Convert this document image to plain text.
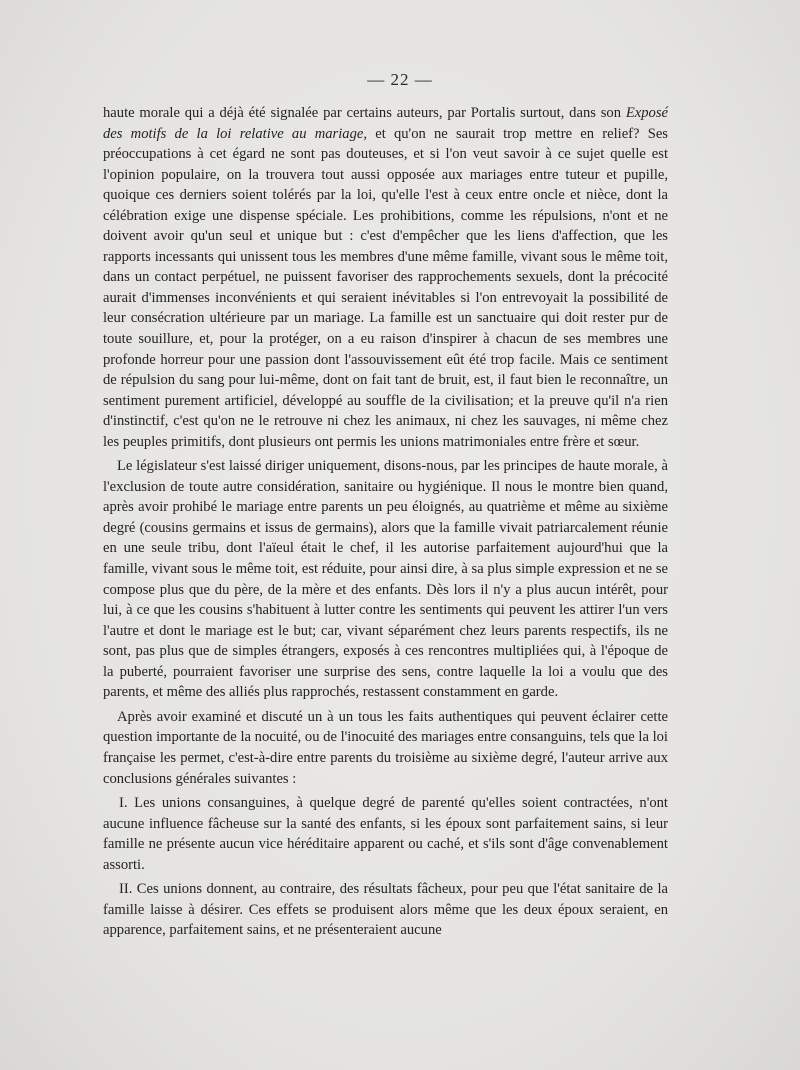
— 22 —

haute morale qui a déjà été signalée par certains auteurs, par Portalis surtout, dans son Exposé des motifs de la loi relative au mariage, et qu'on ne saurait trop mettre en relief? Ses préoccupations à cet égard ne sont pas douteuses, et si l'on veut savoir à ce sujet quelle est l'opinion populaire, on la trouvera tout aussi opposée aux mariages entre tuteur et pupille, quoique ces derniers soient tolérés par la loi, qu'elle l'est à ceux entre oncle et nièce, dont la célébration exige une dispense spéciale. Les prohibitions, comme les répulsions, n'ont et ne doivent avoir qu'un seul et unique but : c'est d'empêcher que les liens d'affection, que les rapports incessants qui unissent tous les membres d'une même famille, vivant sous le même toit, dans un contact perpétuel, ne puissent favoriser des rapprochements sexuels, dont la précocité aurait d'immenses inconvénients et qui seraient inévitables si l'on entrevoyait la possibilité de leur consécration ultérieure par un mariage. La famille est un sanctuaire qui doit rester pur de toute souillure, et, pour la protéger, on a eu raison d'inspirer à chacun de ses membres une profonde horreur pour une passion dont l'assouvissement eût été trop facile. Mais ce sentiment de répulsion du sang pour lui-même, dont on fait tant de bruit, est, il faut bien le reconnaître, un sentiment purement artificiel, développé au souffle de la civilisation; et la preuve qu'il n'a rien d'instinctif, c'est qu'on ne le retrouve ni chez les animaux, ni chez les sauvages, ni même chez les peuples primitifs, dont plusieurs ont permis les unions matrimoniales entre frère et sœur.

Le législateur s'est laissé diriger uniquement, disons-nous, par les principes de haute morale, à l'exclusion de toute autre considération, sanitaire ou hygiénique. Il nous le montre bien quand, après avoir prohibé le mariage entre parents un peu éloignés, au quatrième et même au sixième degré (cousins germains et issus de germains), alors que la famille vivait patriarcalement réunie en une seule tribu, dont l'aïeul était le chef, il les autorise parfaitement aujourd'hui que la famille, vivant sous le même toit, est réduite, pour ainsi dire, à sa plus simple expression et ne se compose plus que du père, de la mère et des enfants. Dès lors il n'y a plus aucun intérêt, pour lui, à ce que les cousins s'habituent à lutter contre les sentiments qui peuvent les attirer l'un vers l'autre et dont le mariage est le but; car, vivant séparément chez leurs parents respectifs, ils ne sont, pas plus que de simples étrangers, exposés à ces rencontres multipliées qui, à l'époque de la puberté, pourraient favoriser une surprise des sens, contre laquelle la loi a voulu que des parents, et même des alliés plus rapprochés, restassent constamment en garde.

Après avoir examiné et discuté un à un tous les faits authentiques qui peuvent éclairer cette question importante de la nocuité, ou de l'inocuité des mariages entre consanguins, tels que la loi française les permet, c'est-à-dire entre parents du troisième au sixième degré, l'auteur arrive aux conclusions générales suivantes :

I. Les unions consanguines, à quelque degré de parenté qu'elles soient contractées, n'ont aucune influence fâcheuse sur la santé des enfants, si les époux sont parfaitement sains, si leur famille ne présente aucun vice héréditaire apparent ou caché, et s'ils sont d'âge convenablement assorti.

II. Ces unions donnent, au contraire, des résultats fâcheux, pour peu que l'état sanitaire de la famille laisse à désirer. Ces effets se produisent alors même que les deux époux seraient, en apparence, parfaitement sains, et ne présenteraient aucune
